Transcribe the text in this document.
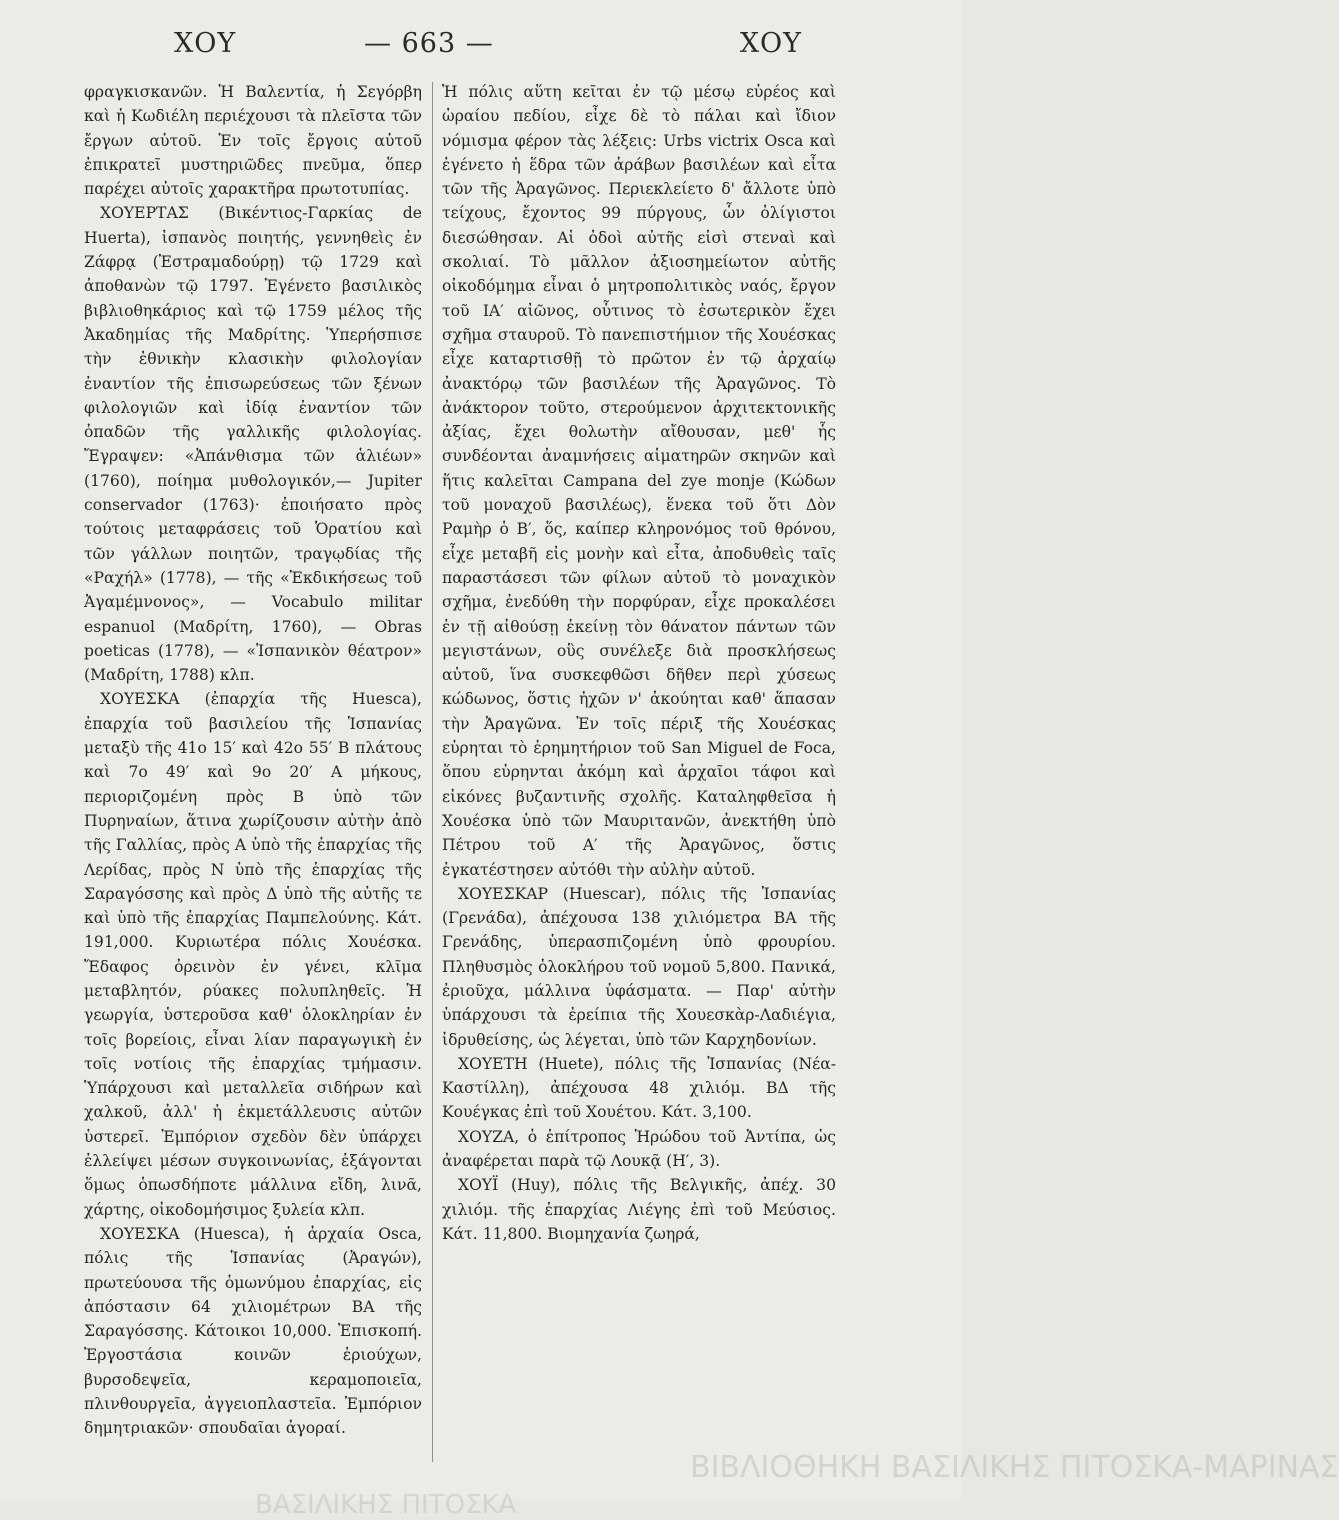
ΧΟΥ	— 663 —	ΧΟΥ

φραγκισκανῶν. Ἡ Βαλεντία, ἡ Σεγόρβη καὶ ἡ Κωδιέλη περιέχουσι τὰ πλεῖστα τῶν ἔργων αὐτοῦ. Ἐν τοῖς ἔργοις αὐτοῦ ἐπικρατεῖ μυστηριῶδες πνεῦμα, ὅπερ παρέχει αὐτοῖς χαρακτῆρα πρωτοτυπίας.

ΧΟΥΕΡΤΑΣ (Βικέντιος-Γαρκίας de Huerta), ἱσπανὸς ποιητής, γεννηθεὶς ἐν Ζάφρᾳ (Ἐστραμαδούρῃ) τῷ 1729 καὶ ἀποθανὼν τῷ 1797. Ἐγένετο βασιλικὸς βιβλιοθηκάριος καὶ τῷ 1759 μέλος τῆς Ἀκαδημίας τῆς Μαδρίτης. Ὑπερήσπισε τὴν ἐθνικὴν κλασικὴν φιλολογίαν ἐναντίον τῆς ἐπισωρεύσεως τῶν ξένων φιλολογιῶν καὶ ἰδίᾳ ἐναντίον τῶν ὀπαδῶν τῆς γαλλικῆς φιλολογίας. Ἔγραψεν: «Ἀπάνθισμα τῶν ἁλιέων» (1760), ποίημα μυθολογικόν,— Jupiter conservador (1763)· ἐποιήσατο πρὸς τούτοις μεταφράσεις τοῦ Ὁρατίου καὶ τῶν γάλλων ποιητῶν, τραγῳδίας τῆς «Ραχήλ» (1778), — τῆς «Ἐκδικήσεως τοῦ Ἀγαμέμνονος», — Vocabulo militar espanuol (Μαδρίτη, 1760), — Obras poeticas (1778), — «Ἱσπανικὸν θέατρον» (Μαδρίτη, 1788) κλπ.

ΧΟΥΕΣΚΑ (ἐπαρχία τῆς Huesca), ἐπαρχία τοῦ βασιλείου τῆς Ἱσπανίας μεταξὺ τῆς 41ο 15′ καὶ 42ο 55′ Β πλάτους καὶ 7ο 49′ καὶ 9ο 20′ Α μήκους, περιοριζομένη πρὸς Β ὑπὸ τῶν Πυρηναίων, ἅτινα χωρίζουσιν αὐτὴν ἀπὸ τῆς Γαλλίας, πρὸς Α ὑπὸ τῆς ἐπαρχίας τῆς Λερίδας, πρὸς Ν ὑπὸ τῆς ἐπαρχίας τῆς Σαραγόσσης καὶ πρὸς Δ ὑπὸ τῆς αὐτῆς τε καὶ ὑπὸ τῆς ἐπαρχίας Παμπελούνης. Κάτ. 191,000. Κυριωτέρα πόλις Χουέσκα. Ἔδαφος ὀρεινὸν ἐν γένει, κλῖμα μεταβλητόν, ρύακες πολυπληθεῖς. Ἡ γεωργία, ὑστεροῦσα καθ' ὁλοκληρίαν ἐν τοῖς βορείοις, εἶναι λίαν παραγωγικὴ ἐν τοῖς νοτίοις τῆς ἐπαρχίας τμήμασιν. Ὑπάρχουσι καὶ μεταλλεῖα σιδήρων καὶ χαλκοῦ, ἀλλ' ἡ ἐκμετάλλευσις αὐτῶν ὑστερεῖ. Ἐμπόριον σχεδὸν δὲν ὑπάρχει ἐλλείψει μέσων συγκοινωνίας, ἐξάγονται ὅμως ὁπωσδήποτε μάλλινα εἴδη, λινᾶ, χάρτης, οἰκοδομήσιμος ξυλεία κλπ.

ΧΟΥΕΣΚΑ (Huesca), ἡ ἀρχαία Osca, πόλις τῆς Ἱσπανίας (Ἀραγών), πρωτεύουσα τῆς ὁμωνύμου ἐπαρχίας, εἰς ἀπόστασιν 64 χιλιομέτρων ΒΑ τῆς Σαραγόσσης. Κάτοικοι 10,000. Ἐπισκοπή. Ἐργοστάσια κοινῶν ἐριούχων, βυρσοδεψεῖα, κεραμοποιεῖα, πλινθουργεῖα, ἀγγειοπλαστεῖα. Ἐμπόριον δημητριακῶν· σπουδαῖαι ἀγοραί.

Ἡ πόλις αὕτη κεῖται ἐν τῷ μέσῳ εὐρέος καὶ ὡραίου πεδίου, εἶχε δὲ τὸ πάλαι καὶ ἴδιον νόμισμα φέρον τὰς λέξεις: Urbs victrix Osca καὶ ἐγένετο ἡ ἕδρα τῶν ἀράβων βασιλέων καὶ εἶτα τῶν τῆς Ἀραγῶνος. Περιεκλείετο δ' ἄλλοτε ὑπὸ τείχους, ἔχοντος 99 πύργους, ὧν ὀλίγιστοι διεσώθησαν. Αἱ ὁδοὶ αὐτῆς εἰσὶ στεναὶ καὶ σκολιαί. Τὸ μᾶλλον ἀξιοσημείωτον αὐτῆς οἰκοδόμημα εἶναι ὁ μητροπολιτικὸς ναός, ἔργον τοῦ ΙΑ′ αἰῶνος, οὗτινος τὸ ἐσωτερικὸν ἔχει σχῆμα σταυροῦ. Τὸ πανεπιστήμιον τῆς Χουέσκας εἶχε καταρτισθῇ τὸ πρῶτον ἐν τῷ ἀρχαίῳ ἀνακτόρῳ τῶν βασιλέων τῆς Ἀραγῶνος. Τὸ ἀνάκτορον τοῦτο, στερούμενον ἀρχιτεκτονικῆς ἀξίας, ἔχει θολωτὴν αἴθουσαν, μεθ' ἧς συνδέονται ἀναμνήσεις αἱματηρῶν σκηνῶν καὶ ἥτις καλεῖται Campana del zye monje (Κώδων τοῦ μοναχοῦ βασιλέως), ἕνεκα τοῦ ὅτι Δὸν Ραμὴρ ὁ Β′, ὅς, καίπερ κληρονόμος τοῦ θρόνου, εἶχε μεταβῆ εἰς μονὴν καὶ εἶτα, ἀποδυθεὶς ταῖς παραστάσεσι τῶν φίλων αὐτοῦ τὸ μοναχικὸν σχῆμα, ἐνεδύθη τὴν πορφύραν, εἶχε προκαλέσει ἐν τῇ αἰθούσῃ ἐκείνῃ τὸν θάνατον πάντων τῶν μεγιστάνων, οὓς συνέλεξε διὰ προσκλήσεως αὐτοῦ, ἵνα συσκεφθῶσι δῆθεν περὶ χύσεως κώδωνος, ὅστις ἠχῶν ν' ἀκούηται καθ' ἅπασαν τὴν Ἀραγῶνα. Ἐν τοῖς πέριξ τῆς Χουέσκας εὑρηται τὸ ἐρημητήριον τοῦ San Miguel de Foca, ὅπου εὑρηνται ἀκόμη καὶ ἀρχαῖοι τάφοι καὶ εἰκόνες βυζαντινῆς σχολῆς. Καταληφθεῖσα ἡ Χουέσκα ὑπὸ τῶν Μαυριτανῶν, ἀνεκτήθη ὑπὸ Πέτρου τοῦ Α′ τῆς Ἀραγῶνος, ὅστις ἐγκατέστησεν αὐτόθι τὴν αὐλὴν αὐτοῦ.

ΧΟΥΕΣΚΑΡ (Huescar), πόλις τῆς Ἱσπανίας (Γρενάδα), ἀπέχουσα 138 χιλιόμετρα ΒΑ τῆς Γρενάδης, ὑπερασπιζομένη ὑπὸ φρουρίου. Πληθυσμὸς ὁλοκλήρου τοῦ νομοῦ 5,800. Πανικά, ἐριοῦχα, μάλλινα ὑφάσματα. — Παρ' αὐτὴν ὑπάρχουσι τὰ ἐρείπια τῆς Χουεσκὰρ-Λαδιέγια, ἱδρυθείσης, ὡς λέγεται, ὑπὸ τῶν Καρχηδονίων.

ΧΟΥΕΤΗ (Huete), πόλις τῆς Ἱσπανίας (Νέα-Καστίλλη), ἀπέχουσα 48 χιλιόμ. ΒΔ τῆς Κουέγκας ἐπὶ τοῦ Χουέτου. Κάτ. 3,100.

ΧΟΥΖΑ, ὁ ἐπίτροπος Ἡρώδου τοῦ Ἀντίπα, ὡς ἀναφέρεται παρὰ τῷ Λουκᾷ (Η′, 3).

ΧΟΥΪ (Huy), πόλις τῆς Βελγικῆς, ἀπέχ. 30 χιλιόμ. τῆς ἐπαρχίας Λιέγης ἐπὶ τοῦ Μεύσιος. Κάτ. 11,800. Βιομηχανία ζωηρά,

ΒΙΒΛΙΟΘΗΚΗ ΒΑΣΙΛΙΚΗΣ ΠΙΤΟΣΚΑ-ΜΑΡΙΝΑΣ
ΒΑΣΙΛΙΚΗΣ ΠΙΤΟΣΚΑ
